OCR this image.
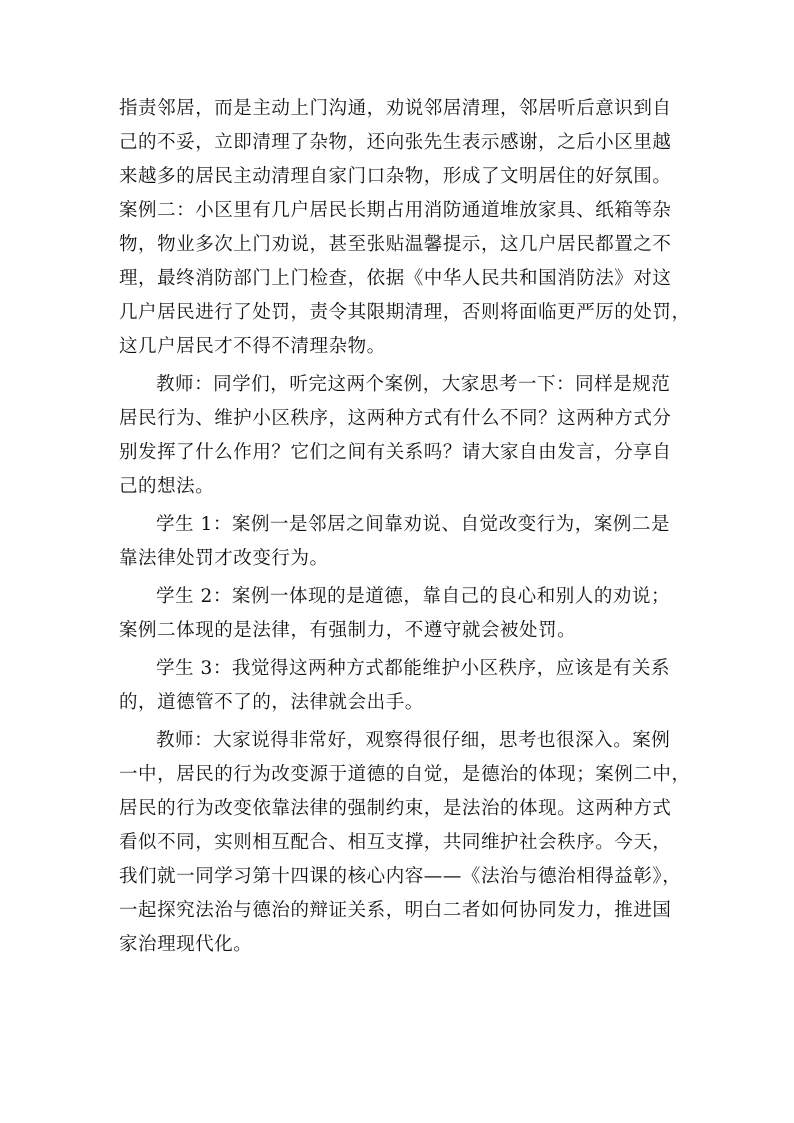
指责邻居，而是主动上门沟通，劝说邻居清理，邻居听后意识到自
己的不妥，立即清理了杂物，还向张先生表示感谢，之后小区里越
来越多的居民主动清理自家门口杂物，形成了文明居住的好氛围。
案例二：小区里有几户居民长期占用消防通道堆放家具、纸箱等杂
物，物业多次上门劝说，甚至张贴温馨提示，这几户居民都置之不
理，最终消防部门上门检查，依据《中华人民共和国消防法》对这
几户居民进行了处罚，责令其限期清理，否则将面临更严厉的处罚，
这几户居民才不得不清理杂物。
教师：同学们，听完这两个案例，大家思考一下：同样是规范
居民行为、维护小区秩序，这两种方式有什么不同？这两种方式分
别发挥了什么作用？它们之间有关系吗？请大家自由发言，分享自
己的想法。
学生 1：案例一是邻居之间靠劝说、自觉改变行为，案例二是
靠法律处罚才改变行为。
学生 2：案例一体现的是道德，靠自己的良心和别人的劝说；
案例二体现的是法律，有强制力，不遵守就会被处罚。
学生 3：我觉得这两种方式都能维护小区秩序，应该是有关系
的，道德管不了的，法律就会出手。
教师：大家说得非常好，观察得很仔细，思考也很深入。案例
一中，居民的行为改变源于道德的自觉，是德治的体现；案例二中，
居民的行为改变依靠法律的强制约束，是法治的体现。这两种方式
看似不同，实则相互配合、相互支撑，共同维护社会秩序。今天，
我们就一同学习第十四课的核心内容——《法治与德治相得益彰》，
一起探究法治与德治的辩证关系，明白二者如何协同发力，推进国
家治理现代化。
